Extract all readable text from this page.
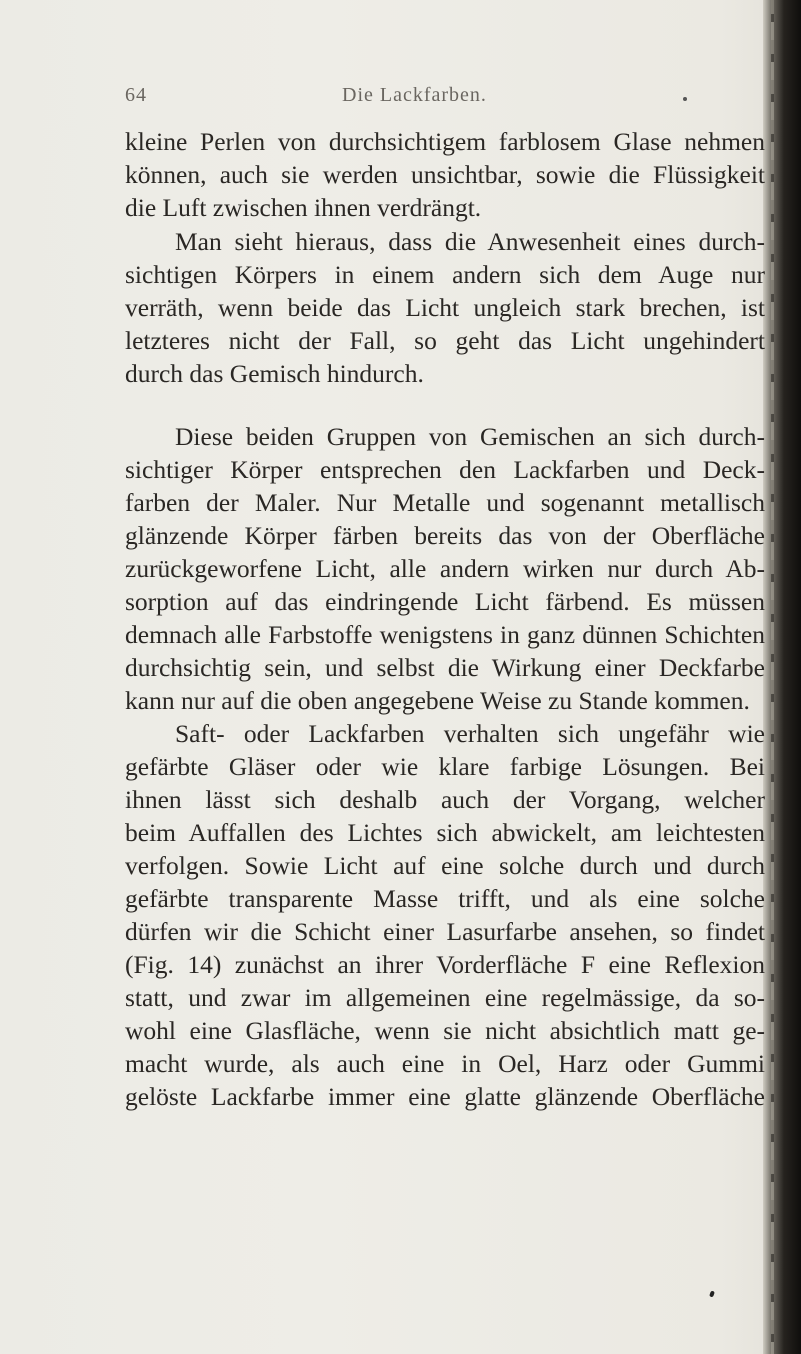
64	Die Lackfarben.
kleine Perlen von durchsichtigem farblosem Glase nehmen
können, auch sie werden unsichtbar, sowie die Flüssigkeit
die Luft zwischen ihnen verdrängt.
Man sieht hieraus, dass die Anwesenheit eines durch-
sichtigen Körpers in einem andern sich dem Auge nur
verräth, wenn beide das Licht ungleich stark brechen, ist
letzteres nicht der Fall, so geht das Licht ungehindert
durch das Gemisch hindurch.
Diese beiden Gruppen von Gemischen an sich durch-
sichtiger Körper entsprechen den Lackfarben und Deck-
farben der Maler. Nur Metalle und sogenannt metallisch
glänzende Körper färben bereits das von der Oberfläche
zurückgeworfene Licht, alle andern wirken nur durch Ab-
sorption auf das eindringende Licht färbend. Es müssen
demnach alle Farbstoffe wenigstens in ganz dünnen Schichten
durchsichtig sein, und selbst die Wirkung einer Deckfarbe
kann nur auf die oben angegebene Weise zu Stande kommen.
Saft- oder Lackfarben verhalten sich ungefähr wie
gefärbte Gläser oder wie klare farbige Lösungen. Bei
ihnen lässt sich deshalb auch der Vorgang, welcher
beim Auffallen des Lichtes sich abwickelt, am leichtesten
verfolgen. Sowie Licht auf eine solche durch und durch
gefärbte transparente Masse trifft, und als eine solche
dürfen wir die Schicht einer Lasurfarbe ansehen, so findet
(Fig. 14) zunächst an ihrer Vorderfläche F eine Reflexion
statt, und zwar im allgemeinen eine regelmässige, da so-
wohl eine Glasfläche, wenn sie nicht absichtlich matt ge-
macht wurde, als auch eine in Oel, Harz oder Gummi
gelöste Lackfarbe immer eine glatte glänzende Oberfläche
